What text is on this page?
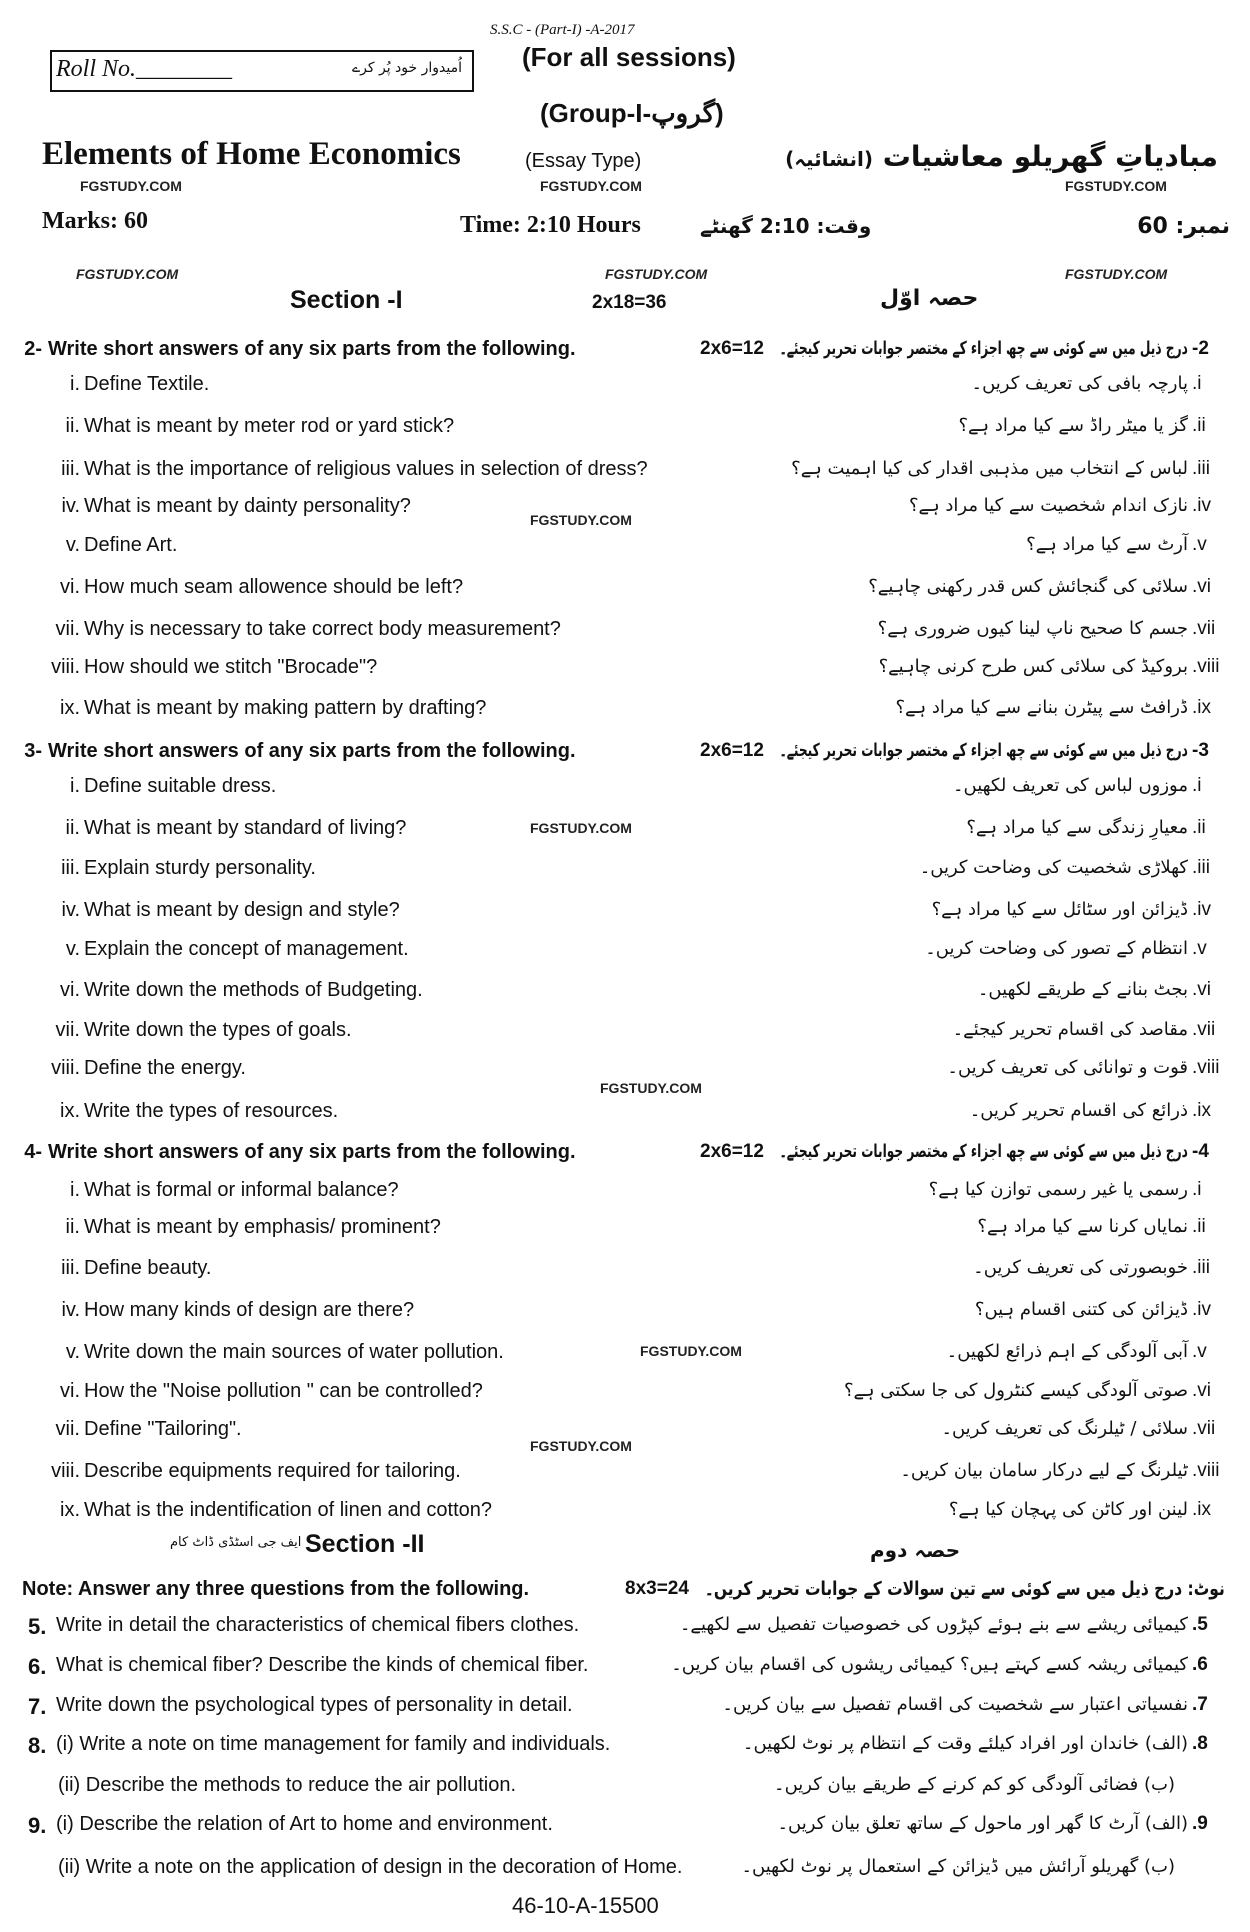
S.S.C - (Part-I) -A-2017
(For all sessions)
Roll No.________	اُمیدوار خود پُر کرے
(Group-I-گروپ)
Elements of Home Economics	(Essay Type)	مبادیاتِ گھریلو معاشیات (انشائیہ)
Marks: 60	Time: 2:10 Hours	وقت: 2:10 گھنٹے	نمبر: 60
FGSTUDY.COM	FGSTUDY.COM	FGSTUDY.COM
FGSTUDY.COM	FGSTUDY.COM	FGSTUDY.COM
FGSTUDY.COM
FGSTUDY.COM
FGSTUDY.COM
FGSTUDY.COM
FGSTUDY.COM
Section -I	2x18=36	حصہ اوّل
2- Write short answers of any six parts from the following.	2x6=12 درج ذیل میں سے کوئی سے چھ اجزاء کے مختصر جوابات تحریر کیجئے۔ -2
i. Define Textile.	پارچہ بافی کی تعریف کریں۔ .i
ii. What is meant by meter rod or yard stick?	گز یا میٹر راڈ سے کیا مراد ہے؟ .ii
iii. What is the importance of religious values in selection of dress?	لباس کے انتخاب میں مذہبی اقدار کی کیا اہمیت ہے؟ .iii
iv. What is meant by dainty personality?	نازک اندام شخصیت سے کیا مراد ہے؟ .iv
v. Define Art.	آرٹ سے کیا مراد ہے؟ .v
vi. How much seam allowence should be left?	سلائی کی گنجائش کس قدر رکھنی چاہیے؟ .vi
vii. Why is necessary to take correct body measurement?	جسم کا صحیح ناپ لینا کیوں ضروری ہے؟ .vii
viii. How should we stitch "Brocade"?	بروکیڈ کی سلائی کس طرح کرنی چاہیے؟ .viii
ix. What is meant by making pattern by drafting?	ڈرافٹ سے پیٹرن بنانے سے کیا مراد ہے؟ .ix
3- Write short answers of any six parts from the following.	2x6=12 درج ذیل میں سے کوئی سے چھ اجزاء کے مختصر جوابات تحریر کیجئے۔ -3
i. Define suitable dress.	موزوں لباس کی تعریف لکھیں۔ .i
ii. What is meant by standard of living?	معیارِ زندگی سے کیا مراد ہے؟ .ii
iii. Explain sturdy personality.	کھلاڑی شخصیت کی وضاحت کریں۔ .iii
iv. What is meant by design and style?	ڈیزائن اور سٹائل سے کیا مراد ہے؟ .iv
v. Explain the concept of management.	انتظام کے تصور کی وضاحت کریں۔ .v
vi. Write down the methods of Budgeting.	بجٹ بنانے کے طریقے لکھیں۔ .vi
vii. Write down the types of goals.	مقاصد کی اقسام تحریر کیجئے۔ .vii
viii. Define the energy.	قوت و توانائی کی تعریف کریں۔ .viii
ix. Write the types of resources.	ذرائع کی اقسام تحریر کریں۔ .ix
4- Write short answers of any six parts from the following.	2x6=12 درج ذیل میں سے کوئی سے چھ اجزاء کے مختصر جوابات تحریر کیجئے۔ -4
i. What is formal or informal balance?	رسمی یا غیر رسمی توازن کیا ہے؟ .i
ii. What is meant by emphasis/ prominent?	نمایاں کرنا سے کیا مراد ہے؟ .ii
iii. Define beauty.	خوبصورتی کی تعریف کریں۔ .iii
iv. How many kinds of design are there?	ڈیزائن کی کتنی اقسام ہیں؟ .iv
v. Write down the main sources of water pollution.	آبی آلودگی کے اہم ذرائع لکھیں۔ .v
vi. How the "Noise pollution " can be controlled?	صوتی آلودگی کیسے کنٹرول کی جا سکتی ہے؟ .vi
vii. Define "Tailoring".	سلائی / ٹیلرنگ کی تعریف کریں۔ .vii
viii. Describe equipments required for tailoring.	ٹیلرنگ کے لیے درکار سامان بیان کریں۔ .viii
ix. What is the indentification of linen and cotton?	لینن اور کاٹن کی پہچان کیا ہے؟ .ix
ایف جی اسٹڈی ڈاٹ کام Section -II	حصہ دوم
Note: Answer any three questions from the following.	8x3=24 نوٹ: درج ذیل میں سے کوئی سے تین سوالات کے جوابات تحریر کریں۔
5. Write in detail the characteristics of chemical fibers clothes.	کیمیائی ریشے سے بنے ہوئے کپڑوں کی خصوصیات تفصیل سے لکھیے۔ .5
6. What is chemical fiber? Describe the kinds of chemical fiber.	کیمیائی ریشہ کسے کہتے ہیں؟ کیمیائی ریشوں کی اقسام بیان کریں۔ .6
7. Write down the psychological types of personality in detail.	نفسیاتی اعتبار سے شخصیت کی اقسام تفصیل سے بیان کریں۔ .7
8. (i) Write a note on time management for family and individuals.	(الف) خاندان اور افراد کیلئے وقت کے انتظام پر نوٹ لکھیں۔ .8
(ii) Describe the methods to reduce the air pollution.	(ب) فضائی آلودگی کو کم کرنے کے طریقے بیان کریں۔
9. (i) Describe the relation of Art to home and environment.	(الف) آرٹ کا گھر اور ماحول کے ساتھ تعلق بیان کریں۔ .9
(ii) Write a note on the application of design in the decoration of Home.	(ب) گھریلو آرائش میں ڈیزائن کے استعمال پر نوٹ لکھیں۔
46-10-A-15500
